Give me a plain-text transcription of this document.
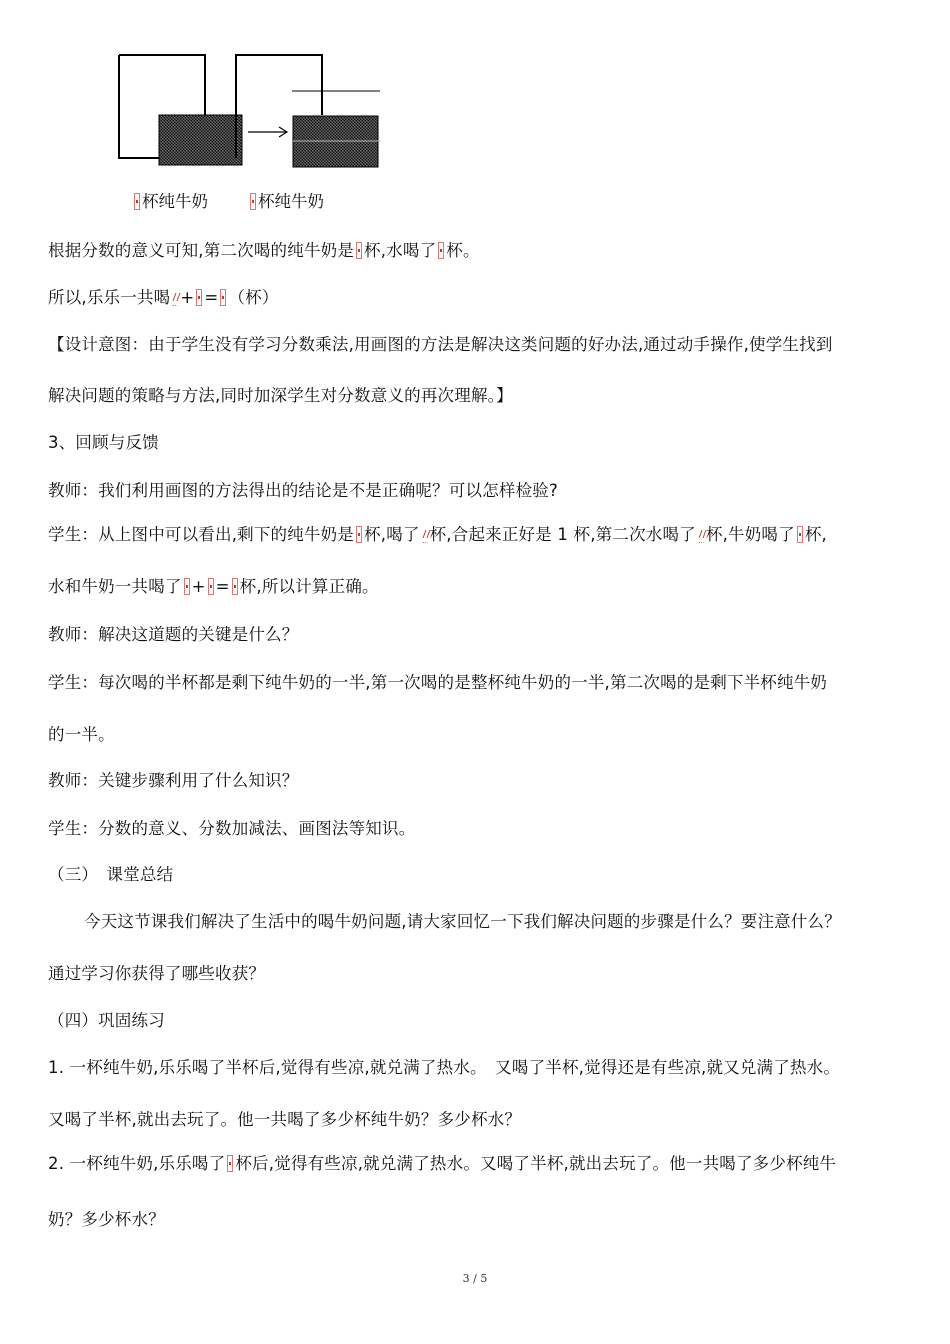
杯纯牛奶	杯纯牛奶
根据分数的意义可知,第二次喝的纯牛奶是 杯,水喝了 杯。
所以,乐乐一共喝 + = （杯）
【设计意图：由于学生没有学习分数乘法,用画图的方法是解决这类问题的好办法,通过动手操作,使学生找到
解决问题的策略与方法,同时加深学生对分数意义的再次理解。】
3、回顾与反馈
教师：我们利用画图的方法得出的结论是不是正确呢？可以怎样检验?
学生：从上图中可以看出,剩下的纯牛奶是 杯,喝了 杯,合起来正好是 1 杯,第二次水喝了 杯,牛奶喝了 杯,
水和牛奶一共喝了 + = 杯,所以计算正确。
教师：解决这道题的关键是什么？
学生：每次喝的半杯都是剩下纯牛奶的一半,第一次喝的是整杯纯牛奶的一半,第二次喝的是剩下半杯纯牛奶
的一半。
教师：关键步骤利用了什么知识？
学生：分数的意义、分数加减法、画图法等知识。
（三）　课堂总结
今天这节课我们解决了生活中的喝牛奶问题,请大家回忆一下我们解决问题的步骤是什么？要注意什么？
通过学习你获得了哪些收获？
（四）巩固练习
1. 一杯纯牛奶,乐乐喝了半杯后,觉得有些凉,就兑满了热水。　又喝了半杯,觉得还是有些凉,就又兑满了热水。
又喝了半杯,就出去玩了。他一共喝了多少杯纯牛奶？多少杯水？
2. 一杯纯牛奶,乐乐喝了 杯后,觉得有些凉,就兑满了热水。又喝了半杯,就出去玩了。他一共喝了多少杯纯牛
奶？多少杯水？
3 / 5
